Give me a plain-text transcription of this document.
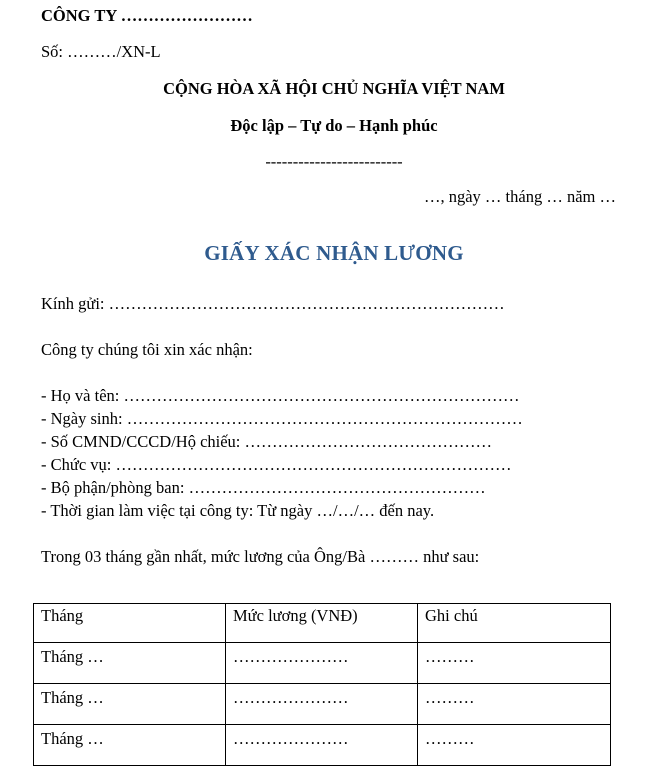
CÔNG TY ……………………
Số: ………/XN-L
CỘNG HÒA XÃ HỘI CHỦ NGHĨA VIỆT NAM
Độc lập – Tự do – Hạnh phúc
-------------------------
…, ngày … tháng … năm …
GIẤY XÁC NHẬN LƯƠNG
Kính gửi: ………………………………………………………………
Công ty chúng tôi xin xác nhận:
- Họ và tên: ………………………………………………………………
- Ngày sinh: ………………………………………………………………
- Số CMND/CCCD/Hộ chiếu: ………………………………………
- Chức vụ: ………………………………………………………………
- Bộ phận/phòng ban: ………………………………………………
- Thời gian làm việc tại công ty: Từ ngày …/…/… đến nay.
Trong 03 tháng gần nhất, mức lương của Ông/Bà ……… như sau:
Tháng	Mức lương (VNĐ)	Ghi chú
Tháng …	…………………	………
Tháng …	…………………	………
Tháng …	…………………	………
